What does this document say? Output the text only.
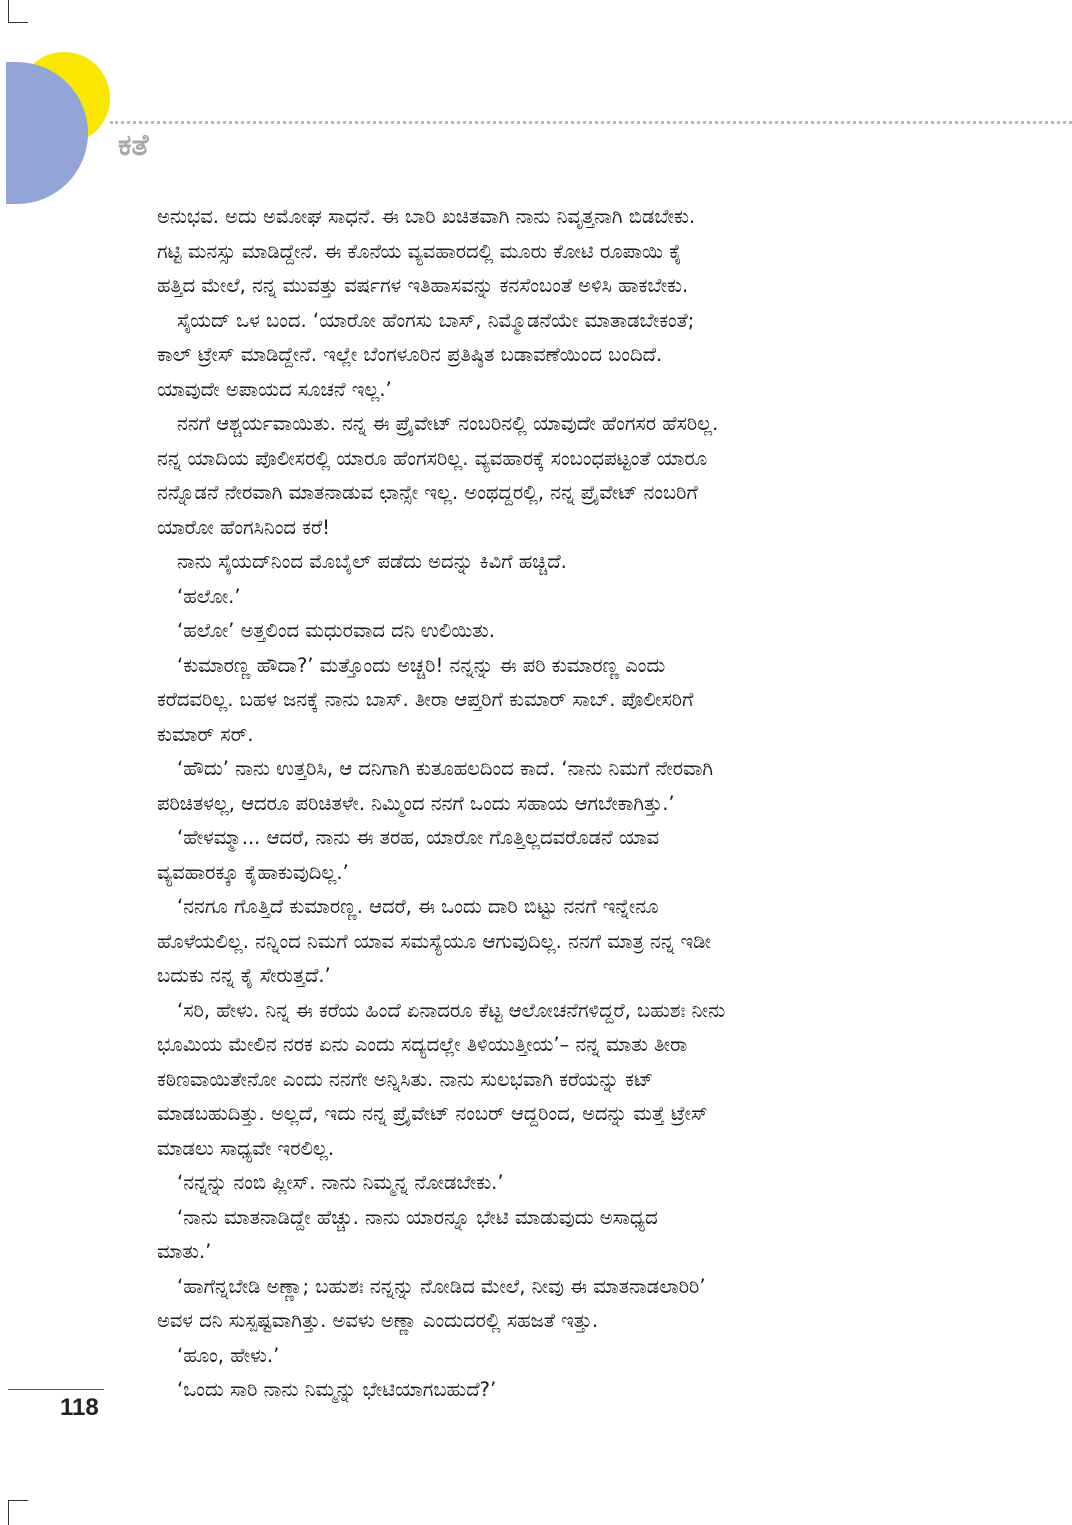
ಕತೆ
ಅನುಭವ. ಅದು ಅಮೋಘ ಸಾಧನೆ. ಈ ಬಾರಿ ಖಚಿತವಾಗಿ ನಾನು ನಿವೃತ್ತನಾಗಿ ಬಿಡಬೇಕು.
ಗಟ್ಟಿ ಮನಸ್ಸು ಮಾಡಿದ್ದೇನೆ. ಈ ಕೊನೆಯ ವ್ಯವಹಾರದಲ್ಲಿ ಮೂರು ಕೋಟಿ ರೂಪಾಯಿ ಕೈ
ಹತ್ತಿದ ಮೇಲೆ, ನನ್ನ ಮುವತ್ತು ವರ್ಷಗಳ ಇತಿಹಾಸವನ್ನು ಕನಸೆಂಬಂತೆ ಅಳಿಸಿ ಹಾಕಬೇಕು.
ಸೈಯದ್ ಒಳ ಬಂದ. ‘ಯಾರೋ ಹೆಂಗಸು ಬಾಸ್, ನಿಮ್ಮೊಡನೆಯೇ ಮಾತಾಡಬೇಕಂತೆ;
ಕಾಲ್ ಟ್ರೇಸ್ ಮಾಡಿದ್ದೇನೆ. ಇಲ್ಲೇ ಬೆಂಗಳೂರಿನ ಪ್ರತಿಷ್ಠಿತ ಬಡಾವಣೆಯಿಂದ ಬಂದಿದೆ.
ಯಾವುದೇ ಅಪಾಯದ ಸೂಚನೆ ಇಲ್ಲ.’
ನನಗೆ ಆಶ್ಚರ್ಯವಾಯಿತು. ನನ್ನ ಈ ಪ್ರೈವೇಟ್ ನಂಬರಿನಲ್ಲಿ ಯಾವುದೇ ಹೆಂಗಸರ ಹೆಸರಿಲ್ಲ.
ನನ್ನ ಯಾದಿಯ ಪೊಲೀಸರಲ್ಲಿ ಯಾರೂ ಹೆಂಗಸರಿಲ್ಲ. ವ್ಯವಹಾರಕ್ಕೆ ಸಂಬಂಧಪಟ್ಟಂತೆ ಯಾರೂ
ನನ್ನೊಡನೆ ನೇರವಾಗಿ ಮಾತನಾಡುವ ಛಾನ್ಸೇ ಇಲ್ಲ. ಅಂಥದ್ದರಲ್ಲಿ, ನನ್ನ ಪ್ರೈವೇಟ್ ನಂಬರಿಗೆ
ಯಾರೋ ಹೆಂಗಸಿನಿಂದ ಕರೆ!
ನಾನು ಸೈಯದ್‌ನಿಂದ ಮೊಬೈಲ್ ಪಡೆದು ಅದನ್ನು ಕಿವಿಗೆ ಹಚ್ಚಿದೆ.
‘ಹಲೋ.’
‘ಹಲೋ’ ಅತ್ತಲಿಂದ ಮಧುರವಾದ ದನಿ ಉಲಿಯಿತು.
‘ಕುಮಾರಣ್ಣ ಹೌದಾ?’ ಮತ್ತೊಂದು ಅಚ್ಚರಿ! ನನ್ನನ್ನು ಈ ಪರಿ ಕುಮಾರಣ್ಣ ಎಂದು
ಕರೆದವರಿಲ್ಲ. ಬಹಳ ಜನಕ್ಕೆ ನಾನು ಬಾಸ್. ತೀರಾ ಆಪ್ತರಿಗೆ ಕುಮಾರ್ ಸಾಬ್. ಪೊಲೀಸರಿಗೆ
ಕುಮಾರ್ ಸರ್.
‘ಹೌದು’ ನಾನು ಉತ್ತರಿಸಿ, ಆ ದನಿಗಾಗಿ ಕುತೂಹಲದಿಂದ ಕಾದೆ. ‘ನಾನು ನಿಮಗೆ ನೇರವಾಗಿ
ಪರಿಚಿತಳಲ್ಲ, ಆದರೂ ಪರಿಚಿತಳೇ. ನಿಮ್ಮಿಂದ ನನಗೆ ಒಂದು ಸಹಾಯ ಆಗಬೇಕಾಗಿತ್ತು.’
‘ಹೇಳಮ್ಮಾ... ಆದರೆ, ನಾನು ಈ ತರಹ, ಯಾರೋ ಗೊತ್ತಿಲ್ಲದವರೊಡನೆ ಯಾವ
ವ್ಯವಹಾರಕ್ಕೂ ಕೈಹಾಕುವುದಿಲ್ಲ.’
‘ನನಗೂ ಗೊತ್ತಿದೆ ಕುಮಾರಣ್ಣ. ಆದರೆ, ಈ ಒಂದು ದಾರಿ ಬಿಟ್ಟು ನನಗೆ ಇನ್ನೇನೂ
ಹೊಳೆಯಲಿಲ್ಲ. ನನ್ನಿಂದ ನಿಮಗೆ ಯಾವ ಸಮಸ್ಯೆಯೂ ಆಗುವುದಿಲ್ಲ. ನನಗೆ ಮಾತ್ರ ನನ್ನ ಇಡೀ
ಬದುಕು ನನ್ನ ಕೈ ಸೇರುತ್ತದೆ.’
‘ಸರಿ, ಹೇಳು. ನಿನ್ನ ಈ ಕರೆಯ ಹಿಂದೆ ಏನಾದರೂ ಕೆಟ್ಟ ಆಲೋಚನೆಗಳಿದ್ದರೆ, ಬಹುಶಃ ನೀನು
ಭೂಮಿಯ ಮೇಲಿನ ನರಕ ಏನು ಎಂದು ಸದ್ಯದಲ್ಲೇ ತಿಳಿಯುತ್ತೀಯ’– ನನ್ನ ಮಾತು ತೀರಾ
ಕಠಿಣವಾಯಿತೇನೋ ಎಂದು ನನಗೇ ಅನ್ನಿಸಿತು. ನಾನು ಸುಲಭವಾಗಿ ಕರೆಯನ್ನು ಕಟ್
ಮಾಡಬಹುದಿತ್ತು. ಅಲ್ಲದೆ, ಇದು ನನ್ನ ಪ್ರೈವೇಟ್ ನಂಬರ್ ಆದ್ದರಿಂದ, ಅದನ್ನು ಮತ್ತೆ ಟ್ರೇಸ್
ಮಾಡಲು ಸಾಧ್ಯವೇ ಇರಲಿಲ್ಲ.
‘ನನ್ನನ್ನು ನಂಬಿ ಪ್ಲೀಸ್. ನಾನು ನಿಮ್ಮನ್ನ ನೋಡಬೇಕು.’
‘ನಾನು ಮಾತನಾಡಿದ್ದೇ ಹೆಚ್ಚು. ನಾನು ಯಾರನ್ನೂ ಭೇಟಿ ಮಾಡುವುದು ಅಸಾಧ್ಯದ
ಮಾತು.’
‘ಹಾಗೆನ್ನಬೇಡಿ ಅಣ್ಣಾ; ಬಹುಶಃ ನನ್ನನ್ನು ನೋಡಿದ ಮೇಲೆ, ನೀವು ಈ ಮಾತನಾಡಲಾರಿರಿ’
ಅವಳ ದನಿ ಸುಸ್ಪಷ್ಟವಾಗಿತ್ತು. ಅವಳು ಅಣ್ಣಾ ಎಂದುದರಲ್ಲಿ ಸಹಜತೆ ಇತ್ತು.
‘ಹೂಂ, ಹೇಳು.’
‘ಒಂದು ಸಾರಿ ನಾನು ನಿಮ್ಮನ್ನು ಭೇಟಿಯಾಗಬಹುದೆ?’
118
